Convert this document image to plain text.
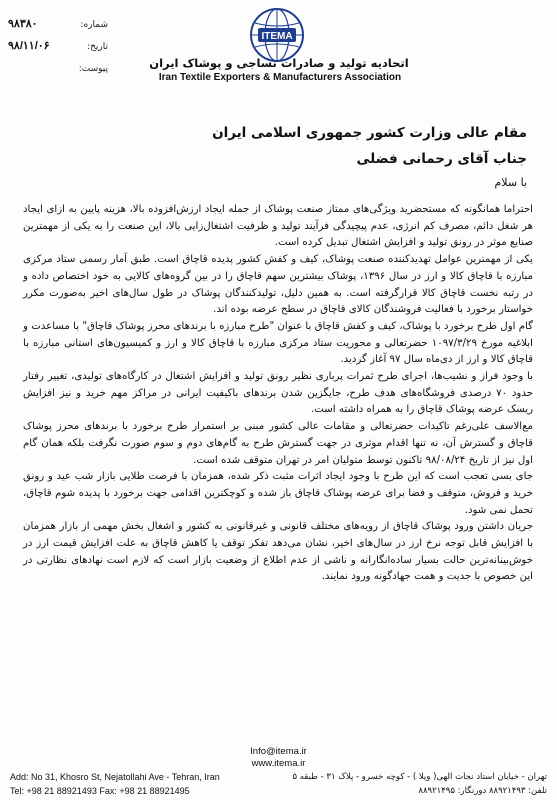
ITEMA
اتحادیه تولید و صادرات نساجی و پوشاک ایران
Iran Textile Exporters & Manufacturers Association
۹۸۳۸۰	شماره:
۹۸/۱۱/۰۶	تاریخ:
پیوست:
مقام عالی وزارت کشور جمهوری اسلامی ایران
جناب آقای رحمانی فضلی
با سلام

احتراما همانگونه که مستحضرید ویژگی‌های ممتاز صنعت پوشاک از جمله ایجاد ارزش‌افزوده بالا، هزینه پایین به ازای ایجاد هر شغل دائم، مصرف کم انرژی، عدم پیچیدگی فرآیند تولید و ظرفیت اشتغال‌زایی بالا، این صنعت را به یکی از مهمترین صنایع موثر در رونق تولید و افزایش اشتغال تبدیل کرده است.

یکی از مهمترین عوامل تهدیدکننده صنعت پوشاک، کیف و کفش کشور پدیده قاچاق است. طبق آمار رسمی ستاد مرکزی مبارزه با قاچاق کالا و ارز در سال ۱۳۹۶، پوشاک بیشترین سهم قاچاق را در بین گروه‌های کالایی به خود اختصاص داده و در رتبه نخست قاچاق کالا قرارگرفته است. به همین دلیل، تولیدکنندگان پوشاک در طول سال‌های اخیر به‌صورت مکرر خواستار برخورد با فعالیت فروشندگان کالای قاچاق در سطح عرضه بوده اند.

گام اول طرح برخورد با پوشاک، کیف و کفش قاچاق با عنوان "طرح مبارزه با برندهای محرز پوشاک قاچاق" با مساعدت و ابلاغیه مورخ ۱۰۹۷/۳/۲۹ حضرتعالی و محوریت ستاد مرکزی مبارزه با قاچاق کالا و ارز و کمیسیون‌های استانی مبارزه با قاچاق کالا و ارز از دی‌ماه سال ۹۷ آغاز گردید.

با وجود فراز و نشیب‌ها، اجرای طرح ثمرات پرباری نظیر رونق تولید و افزایش اشتغال در کارگاه‌های تولیدی، تغییر رفتار حدود ۷۰ درصدی فروشگاه‌های هدف طرح، جایگزین شدن برندهای باکیفیت ایرانی در مراکز مهم خرید و نیز افزایش ریسک عرضه پوشاک قاچاق را به همراه داشته است.

مع‌الاسف علی‌رغم تاکیدات حضرتعالی و مقامات عالی کشور مبنی بر استمرار طرح برخورد با برندهای محرز پوشاک قاچاق و گسترش آن، نه تنها اقدام موثری در جهت گسترش طرح به گام‌های دوم و سوم صورت نگرفت بلکه همان گام اول نیز از تاریخ ۹۸/۰۸/۲۴ تاکنون توسط متولیان امر در تهران متوقف شده است.

جای بسی تعجب است که این طرح با وجود ایجاد اثرات مثبت ذکر شده، همزمان با فرصت طلایی بازار شب عید و رونق خرید و فروش، متوقف و فضا برای عرضه پوشاک قاچاق باز شده و کوچکترین اقدامی جهت برخورد با پدیده شوم قاچاق، تحمل نمی شود.

جریان داشتن ورود پوشاک قاچاق از رویه‌های مختلف قانونی و غیرقانونی به کشور و اشغال بخش مهمی از بازار همزمان با افزایش قابل توجه نرخ ارز در سال‌های اخیر، نشان می‌دهد تفکر توقف یا کاهش قاچاق به علت افزایش قیمت ارز در خوش‌بینانه‌ترین حالت بسیار ساده‌انگارانه و ناشی از عدم اطلاع از وضعیت بازار است که لازم است نهادهای نظارتی در این خصوص با جدیت و همت جهادگونه ورود نمایند.

Info@itema.ir
www.itema.ir
Add: No 31, Khosro St, Nejatollahi Ave - Tehran, Iran
Tel: +98 21 88921493 Fax: +98 21 88921495
تهران - خیابان استاد نجات الهی( ویلا ) - کوچه خسرو - پلاک ۳۱ - طبقه ۵
تلفن: ۸۸۹۲۱۴۹۳ دورنگار: ۸۸۹۲۱۴۹۵
